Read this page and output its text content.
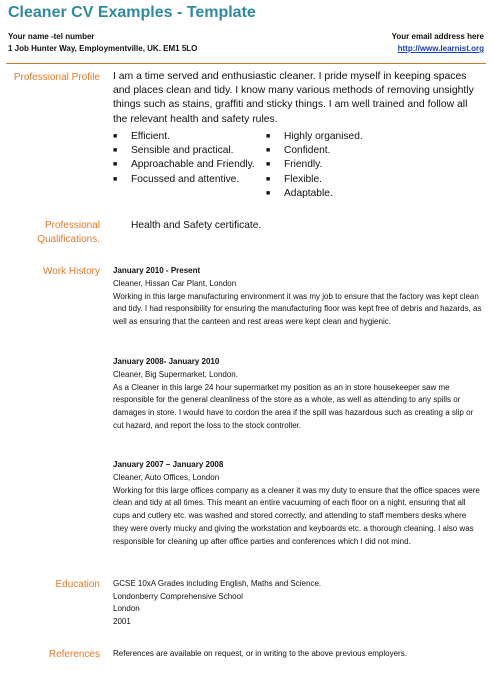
Cleaner CV Examples - Template
Your name -tel number
1 Job Hunter Way, Employmentville, UK. EM1 5LO
Your email address here
http://www.learnist.org
Professional Profile I am a time served and enthusiastic cleaner. I pride myself in keeping spaces and places clean and tidy. I know many various methods of removing unsightly things such as stains, graffiti and sticky things. I am well trained and follow all the relevant health and safety rules.
■ Efficient.
■ Sensible and practical.
■ Approachable and Friendly.
■ Focussed and attentive.
■ Highly organised.
■ Confident.
■ Friendly.
■ Flexible.
■ Adaptable.
Professional
Qualifications.
Health and Safety certificate.
Work History January 2010 - Present
Cleaner, Hissan Car Plant, London
Working in this large manufacturing environment it was my job to ensure that the factory was kept clean and tidy. I had responsibility for ensuring the manufacturing floor was kept free of debris and hazards, as well as ensuring that the canteen and rest areas were kept clean and hygienic.
January 2008- January 2010
Cleaner, Big Supermarket, London.
As a Cleaner in this large 24 hour supermarket my position as an in store housekeeper saw me responsible for the general cleanliness of the store as a whole, as well as attending to any spills or damages in store. I would have to cordon the area if the spill was hazardous such as creating a slip or cut hazard, and report the loss to the stock controller.
January 2007 – January 2008
Cleaner, Auto Offices, London
Working for this large offices company as a cleaner it was my duty to ensure that the office spaces were clean and tidy at all times. This meant an entire vacuuming of each floor on a night, ensuring that all cups and cutlery etc. was washed and stored correctly, and attending to staff members desks where they were overly mucky and giving the workstation and keyboards etc. a thorough cleaning. I also was responsible for cleaning up after office parties and conferences which I did not mind.
Education GCSE 10xA Grades including English, Maths and Science.
Londonberry Comprehensive School
London
2001
References References are available on request, or in writing to the above previous employers.
